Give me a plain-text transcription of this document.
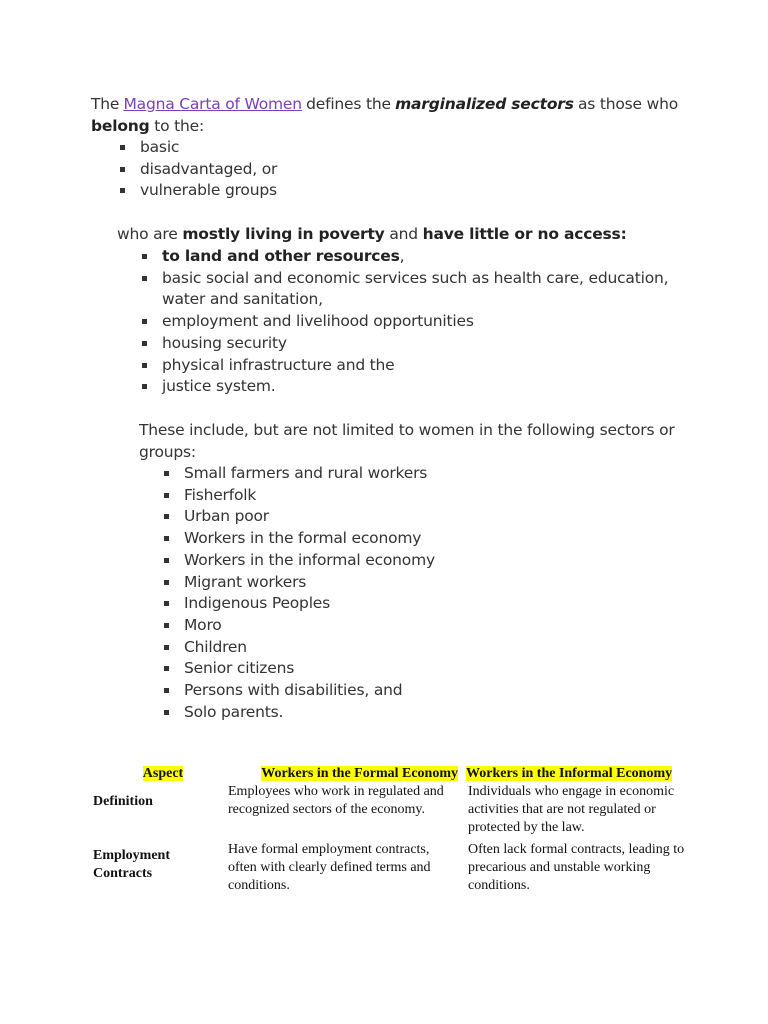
The Magna Carta of Women defines the marginalized sectors as those who
belong to the:
basic
disadvantaged, or
vulnerable groups
who are mostly living in poverty and have little or no access:
to land and other resources,
basic social and economic services such as health care, education, water and sanitation,
employment and livelihood opportunities
housing security
physical infrastructure and the
justice system.
These include, but are not limited to women in the following sectors or groups:
Small farmers and rural workers
Fisherfolk
Urban poor
Workers in the formal economy
Workers in the informal economy
Migrant workers
Indigenous Peoples
Moro
Children
Senior citizens
Persons with disabilities, and
Solo parents.
Aspect	Workers in the Formal Economy	Workers in the Informal Economy
Definition	Employees who work in regulated and recognized sectors of the economy.	Individuals who engage in economic activities that are not regulated or protected by the law.
Employment Contracts	Have formal employment contracts, often with clearly defined terms and conditions.	Often lack formal contracts, leading to precarious and unstable working conditions.
